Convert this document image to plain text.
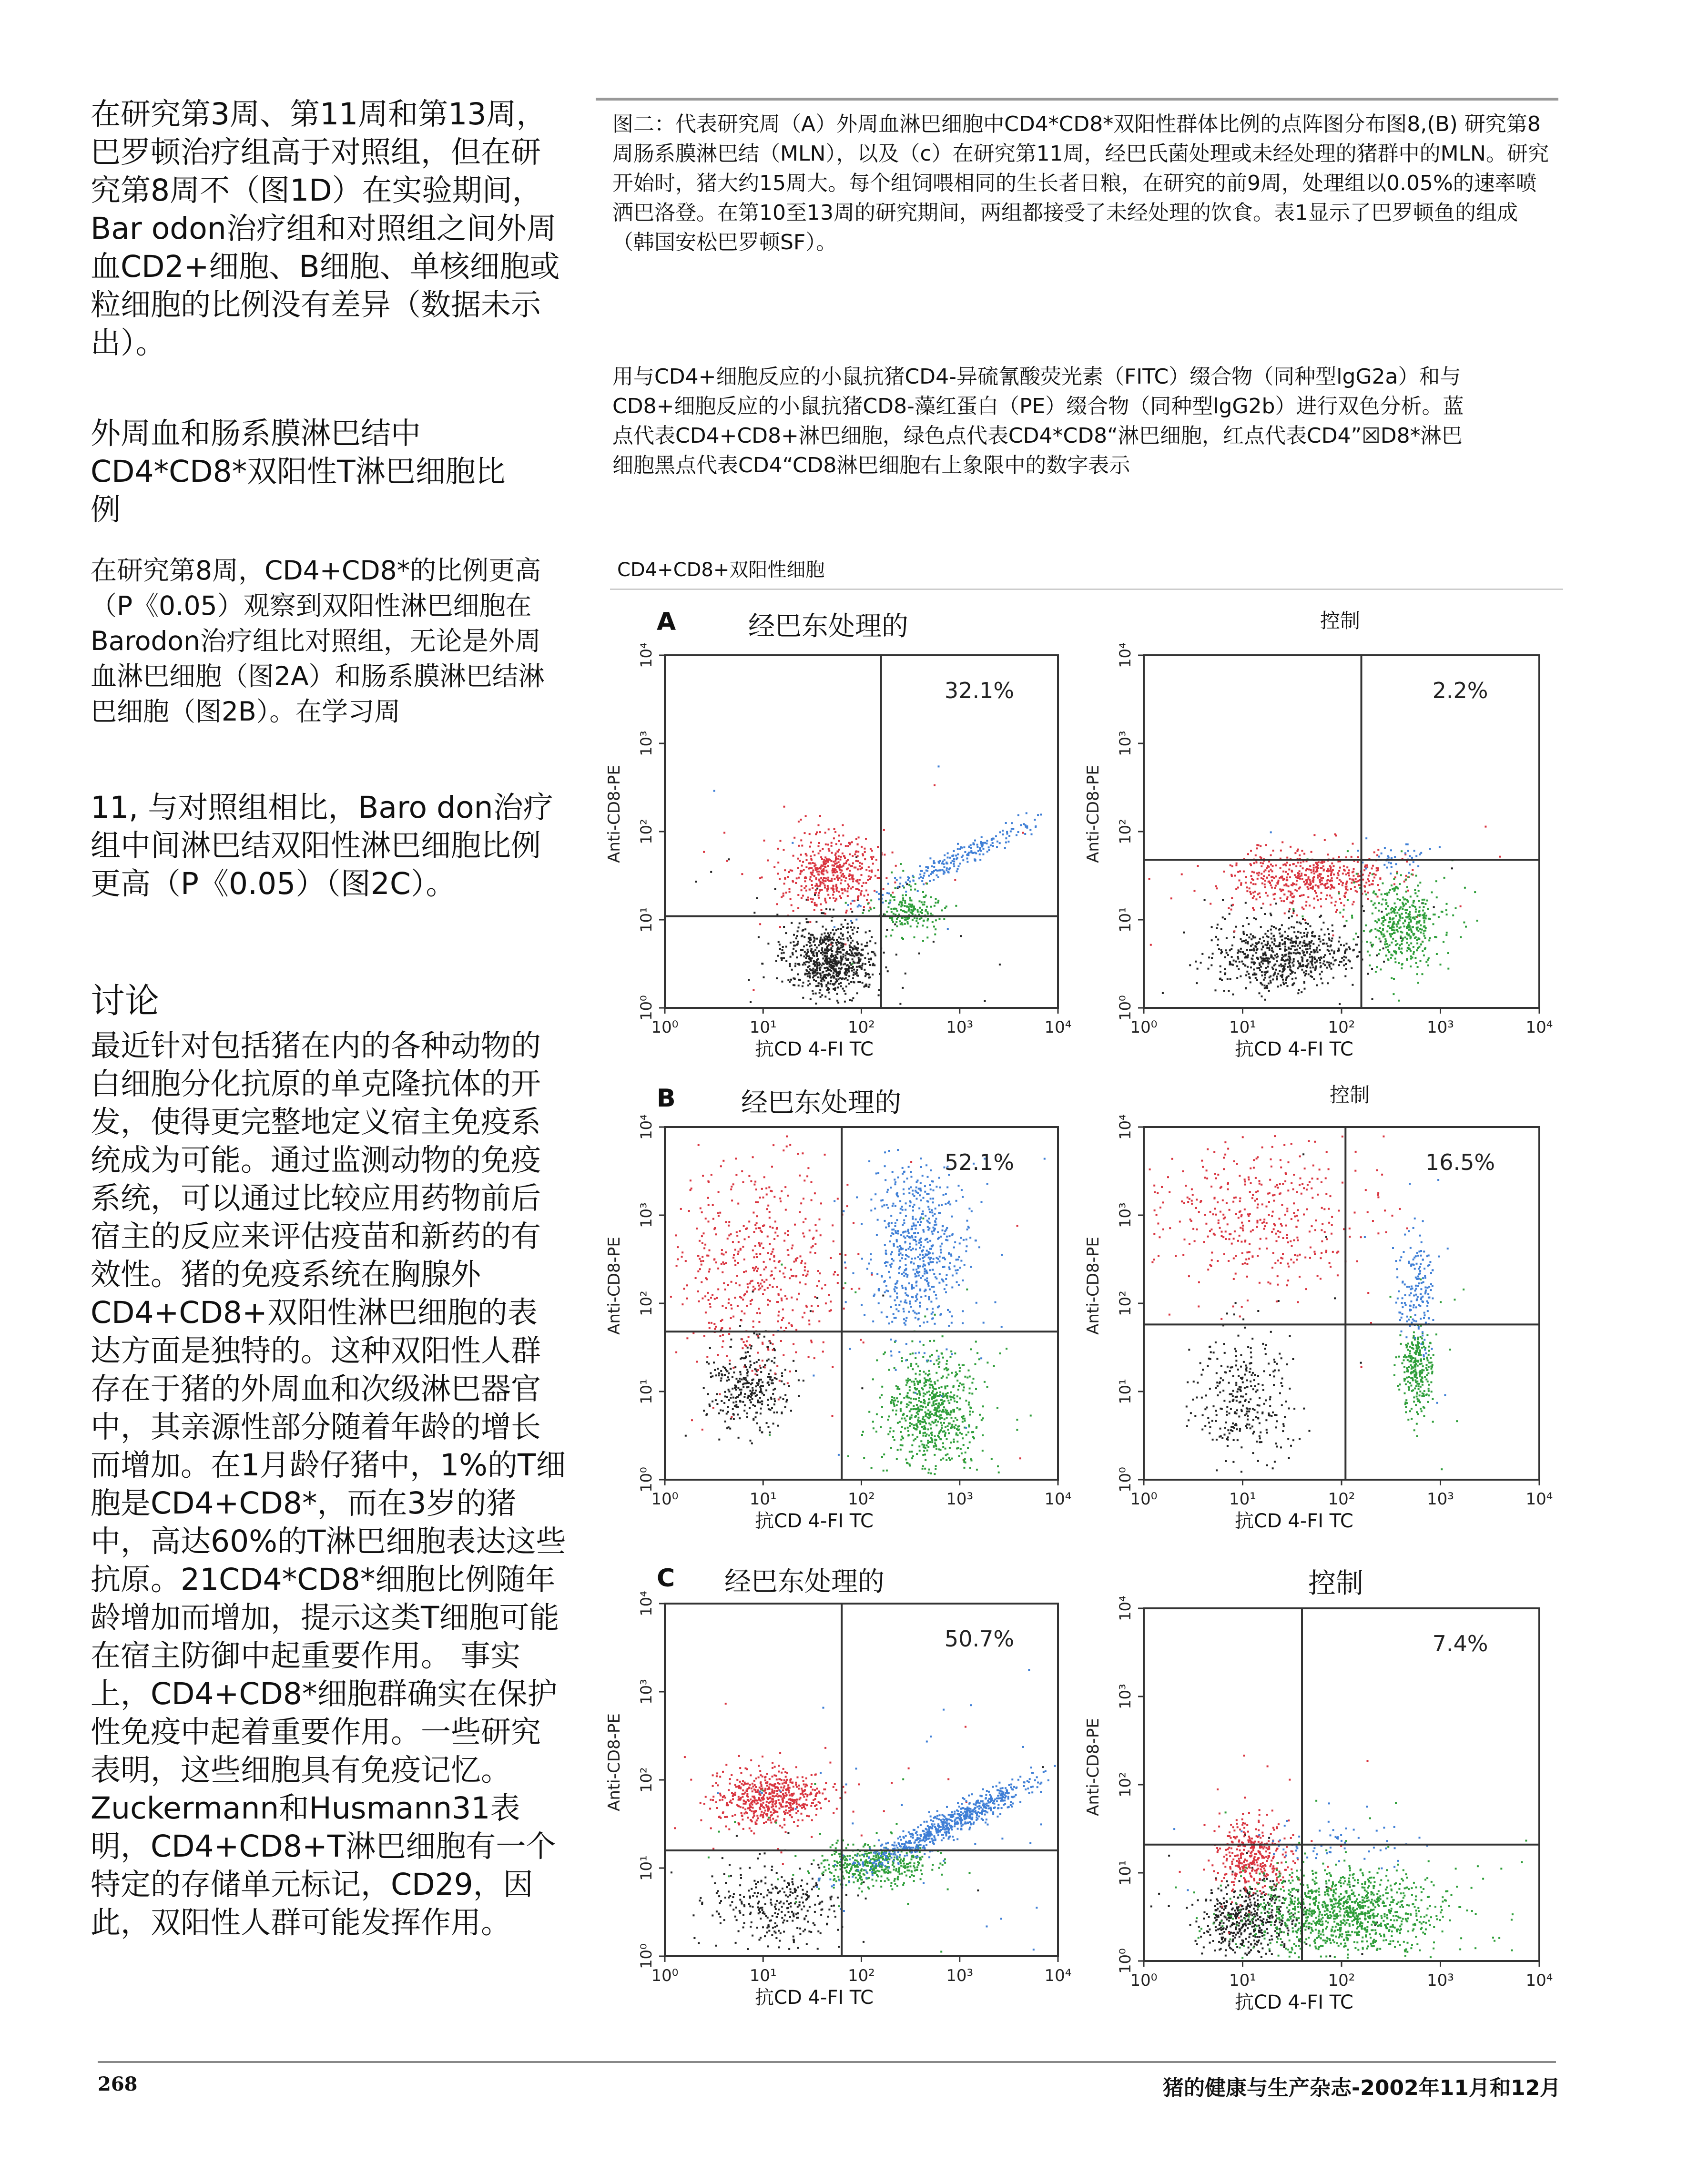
在研究第3周、第11周和第13周，巴罗顿治疗组高于对照组，但在研究第8周不（图1D）在实验期间，Bar odon治疗组和对照组之间外周血CD2+细胞、B细胞、单核细胞或粒细胞的比例没有差异（数据未示出）。

外周血和肠系膜淋巴结中CD4*CD8*双阳性T淋巴细胞比例

在研究第8周，CD4+CD8*的比例更高（P《0.05）观察到双阳性淋巴细胞在Barodon治疗组比对照组，无论是外周血淋巴细胞（图2A）和肠系膜淋巴结淋巴细胞（图2B）。在学习周

11, 与对照组相比，Baro don治疗组中间淋巴结双阳性淋巴细胞比例更高（P《0.05）（图2C）。

讨论

最近针对包括猪在内的各种动物的白细胞分化抗原的单克隆抗体的开发，使得更完整地定义宿主免疫系统成为可能。通过监测动物的免疫系统，可以通过比较应用药物前后宿主的反应来评估疫苗和新药的有效性。猪的免疫系统在胸腺外CD4+CD8+双阳性淋巴细胞的表达方面是独特的。这种双阳性人群存在于猪的外周血和次级淋巴器官中，其亲源性部分随着年龄的增长而增加。在1月龄仔猪中，1%的T细胞是CD4+CD8*，而在3岁的猪中，高达60%的T淋巴细胞表达这些抗原。21CD4*CD8*细胞比例随年龄增加而增加，提示这类T细胞可能在宿主防御中起重要作用。 事实上，CD4+CD8*细胞群确实在保护性免疫中起着重要作用。一些研究表明，这些细胞具有免疫记忆。Zuckermann和Husmann31表明，CD4+CD8+T淋巴细胞有一个特定的存储单元标记，CD29，因此，双阳性人群可能发挥作用。

图二：代表研究周（A）外周血淋巴细胞中CD4*CD8*双阳性群体比例的点阵图分布图8,(B) 研究第8周肠系膜淋巴结（MLN），以及（c）在研究第11周，经巴氏菌处理或未经处理的猪群中的MLN。研究开始时，猪大约15周大。每个组饲喂相同的生长者日粮，在研究的前9周，处理组以0.05%的速率喷洒巴洛登。在第10至13周的研究期间，两组都接受了未经处理的饮食。表1显示了巴罗顿鱼的组成（韩国安松巴罗顿SF）。

用与CD4+细胞反应的小鼠抗猪CD4-异硫氰酸荧光素（FITC）缀合物（同种型lgG2a）和与CD8+细胞反应的小鼠抗猪CD8-藻红蛋白（PE）缀合物（同种型lgG2b）进行双色分析。蓝点代表CD4+CD8+淋巴细胞，绿色点代表CD4*CD8“淋巴细胞，红点代表CD4”☒D8*淋巴细胞黑点代表CD4“CD8淋巴细胞右上象限中的数字表示

CD4+CD8+双阳性细胞
A	经巴东处理的	控制
B 经巴东处理的	控制
C 经巴东处理的	控制
10⁰
10¹
10²
10³
10⁴
10⁰	10¹	10²	10³	10⁴
Anti-CD8-PE
抗CD 4-FI TC
32.1%
10⁰
10¹
10²
10³
10⁴
10⁰	10¹	10²	10³	10⁴
Anti-CD8-PE
抗CD 4-FI TC
2.2%
10⁰
10¹
10²
10³
10⁴
10⁰	10¹	10²	10³	10⁴
Anti-CD8-PE
抗CD 4-FI TC
52.1%
10⁰
10¹
10²
10³
10⁴
10⁰	10¹	10²	10³	10⁴
Anti-CD8-PE
抗CD 4-FI TC
16.5%
10⁰
10¹
10²
10³
10⁴
10⁰	10¹	10²	10³	10⁴
Anti-CD8-PE
抗CD 4-FI TC
50.7%
10⁰
10¹
10²
10³
10⁴
10⁰	10¹	10²	10³	10⁴
Anti-CD8-PE
抗CD 4-FI TC
7.4%
268	猪的健康与生产杂志-2002年11月和12月
